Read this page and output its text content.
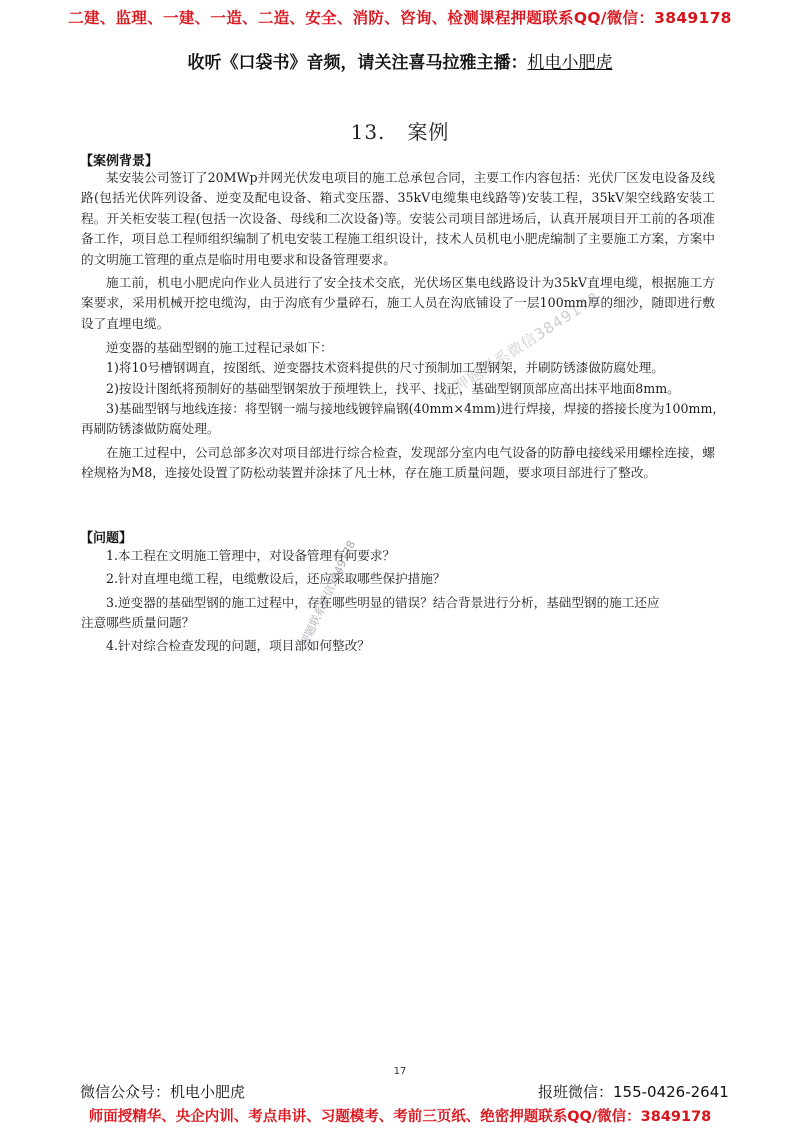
二建、监理、一建、一造、二造、安全、消防、咨询、检测课程押题联系QQ/微信：3849178
收听《口袋书》音频，请关注喜马拉雅主播：机电小肥虎
13. 案例
【案例背景】
某安装公司签订了20MWp并网光伏发电项目的施工总承包合同，主要工作内容包括：光伏厂区发电设备及线路(包括光伏阵列设备、逆变及配电设备、箱式变压器、35kV电缆集电线路等)安装工程，35kV架空线路安装工程。开关柜安装工程(包括一次设备、母线和二次设备)等。安装公司项目部进场后，认真开展项目开工前的各项准备工作，项目总工程师组织编制了机电安装工程施工组织设计，技术人员机电小肥虎编制了主要施工方案，方案中的文明施工管理的重点是临时用电要求和设备管理要求。
施工前，机电小肥虎向作业人员进行了安全技术交底，光伏场区集电线路设计为35kV直埋电缆，根据施工方案要求，采用机械开挖电缆沟，由于沟底有少量碎石，施工人员在沟底铺设了一层100mm厚的细沙，随即进行敷设了直埋电缆。
逆变器的基础型钢的施工过程记录如下：
1)将10号槽钢调直，按图纸、逆变器技术资料提供的尺寸预制加工型钢架，并刷防锈漆做防腐处理。
2)按设计图纸将预制好的基础型钢架放于预埋铁上，找平、找正，基础型钢顶部应高出抹平地面8mm。
3)基础型钢与地线连接：将型钢一端与接地线镀锌扁钢(40mm×4mm)进行焊接，焊接的搭接长度为100mm，
再刷防锈漆做防腐处理。
在施工过程中，公司总部多次对项目部进行综合检查，发现部分室内电气设备的防静电接线采用螺栓连接，螺栓规格为M8，连接处设置了防松动装置并涂抹了凡士林，存在施工质量问题，要求项目部进行了整改。
【问题】
1.本工程在文明施工管理中，对设备管理有何要求？
2.针对直埋电缆工程，电缆敷设后，还应采取哪些保护措施？
3.逆变器的基础型钢的施工过程中，存在哪些明显的错误？结合背景进行分析，基础型钢的施工还应
注意哪些质量问题？
4.针对综合检查发现的问题，项目部如何整改？
请押题联系微信3849178
押题联系微信3849178
17
微信公众号：机电小肥虎	报班微信：155-0426-2641
师面授精华、央企内训、考点串讲、习题模考、考前三页纸、绝密押题联系QQ/微信：3849178
